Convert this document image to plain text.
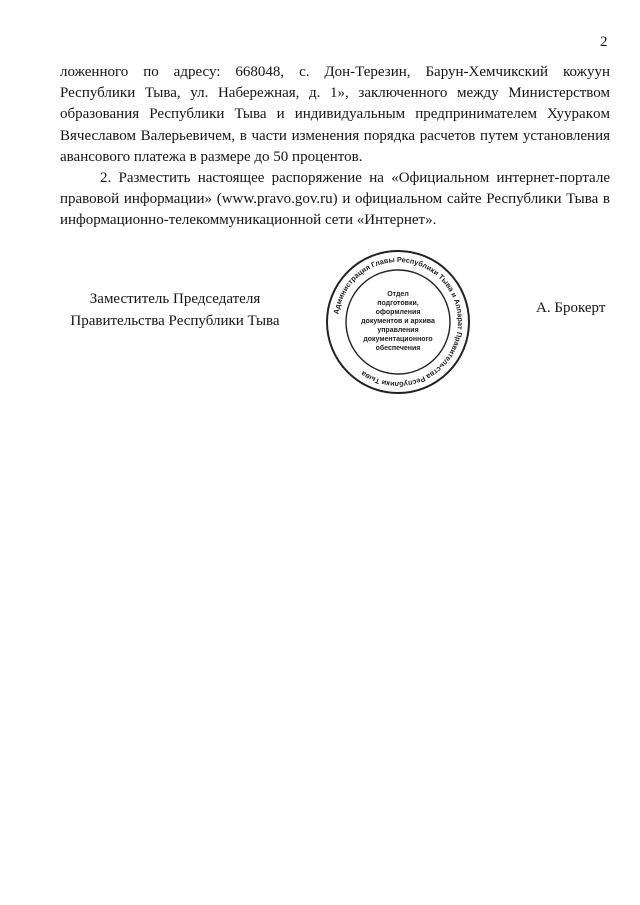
2

ложенного по адресу: 668048, с. Дон-Терезин, Барун-Хемчикский кожуун Республики Тыва, ул. Набережная, д. 1», заключенного между Министерством образования Республики Тыва и индивидуальным предпринимателем Хууракoм Вячеславом Валерьевичем, в части изменения порядка расчетов путем установления авансового платежа в размере до 50 процентов.

2. Разместить настоящее распоряжение на «Официальном интернет-портале правовой информации» (www.pravo.gov.ru) и официальном сайте Республики Тыва в информационно-телекоммуникационной сети «Интернет».

Заместитель Председателя
Правительства Республики Тыва
Администрация Главы Республики Тыва и Аппарат Правительства Республики Тыва
Отдел
подготовки,
оформления
документов и архива
управления
документационного
обеспечения
А. Брокерт
